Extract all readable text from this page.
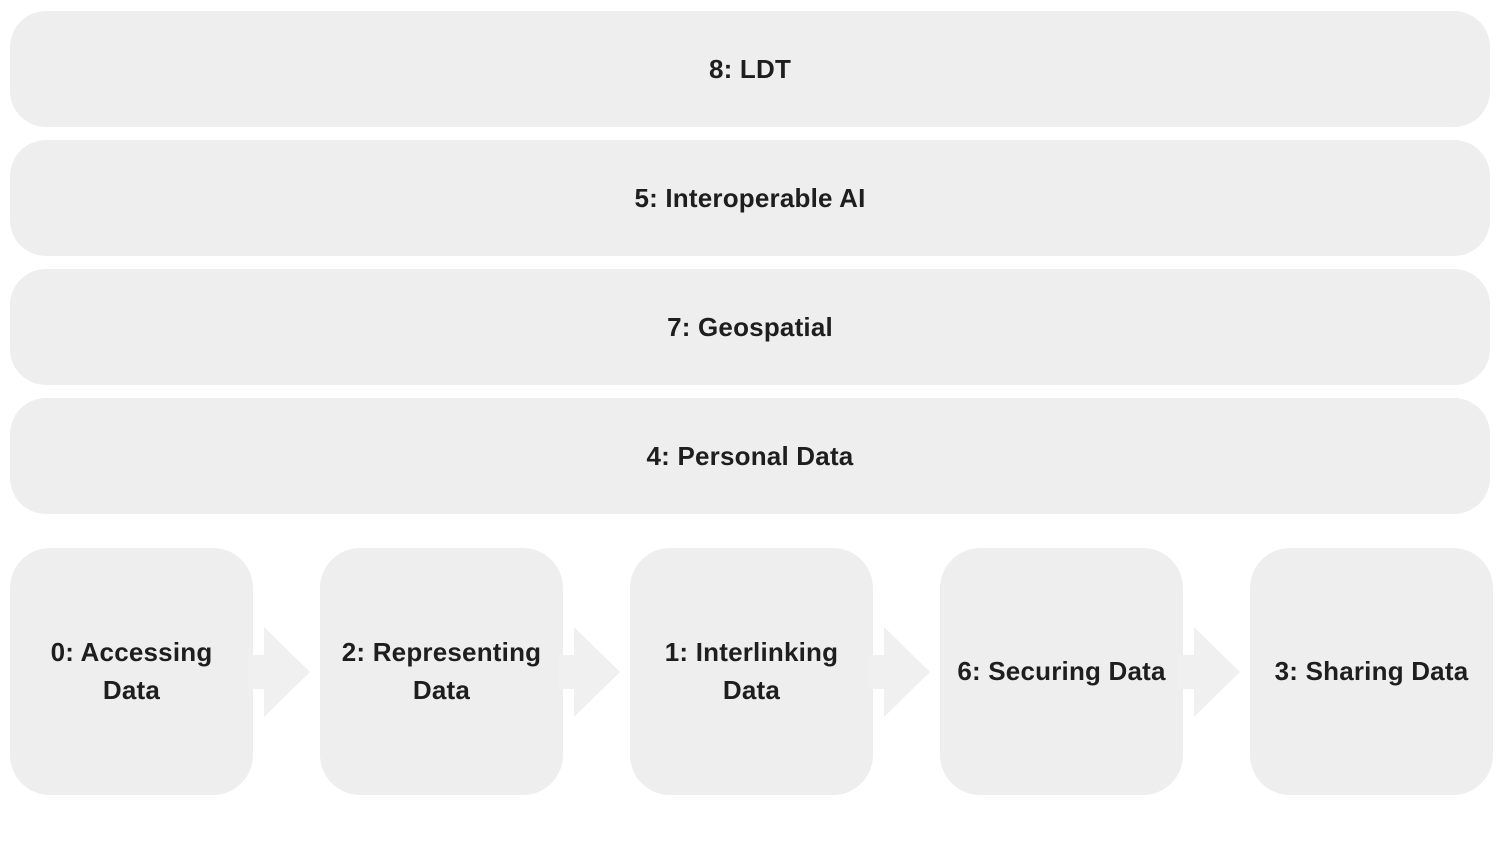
8: LDT
5: Interoperable AI
7: Geospatial
4: Personal Data
0: Accessing Data
2: Representing Data
1: Interlinking Data
6: Securing Data	3: Sharing Data
